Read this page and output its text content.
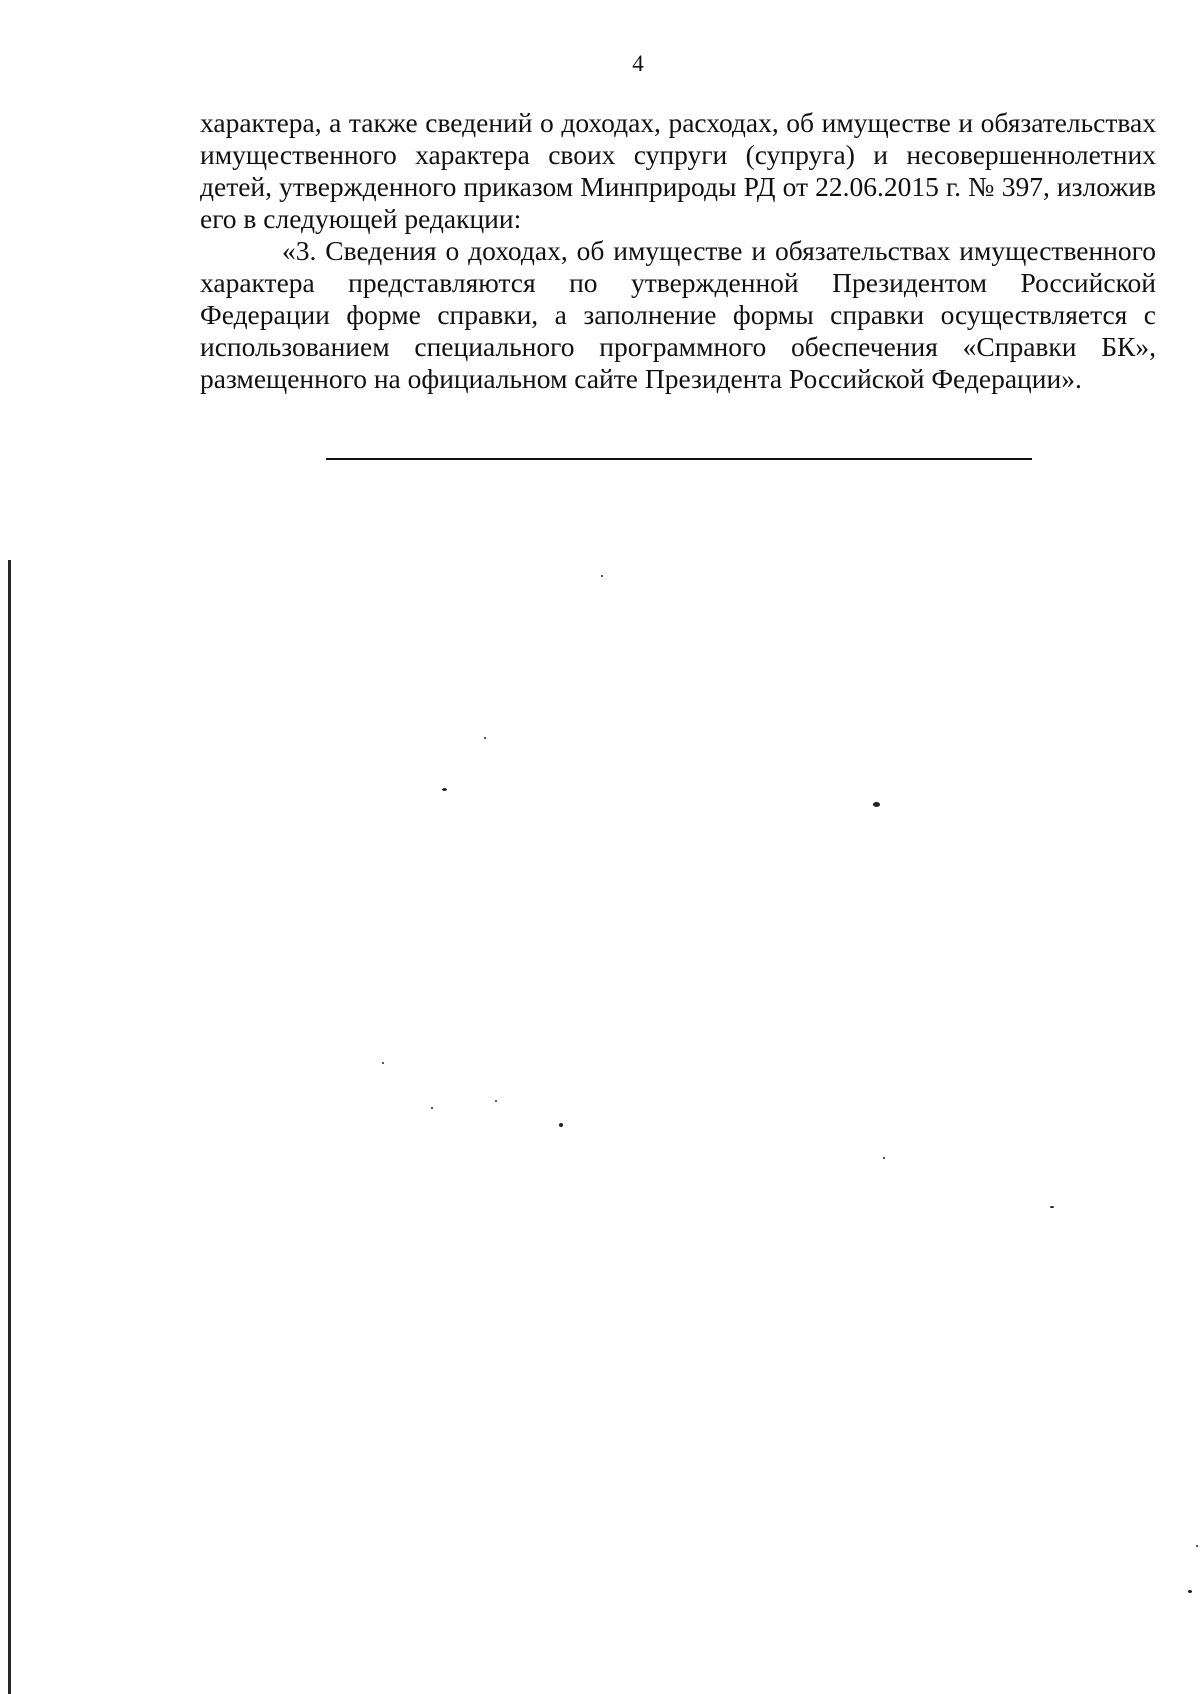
4

характера, а также сведений о доходах, расходах, об имуществе и обязательствах имущественного характера своих супруги (супруга) и несовершеннолетних детей, утвержденного приказом Минприроды РД от 22.06.2015 г. № 397, изложив его в следующей редакции:

«3. Сведения о доходах, об имуществе и обязательствах имущественного характера представляются по утвержденной Президентом Российской Федерации форме справки, а заполнение формы справки осуществляется с использованием специального программного обеспечения «Справки БК», размещенного на официальном сайте Президента Российской Федерации».
